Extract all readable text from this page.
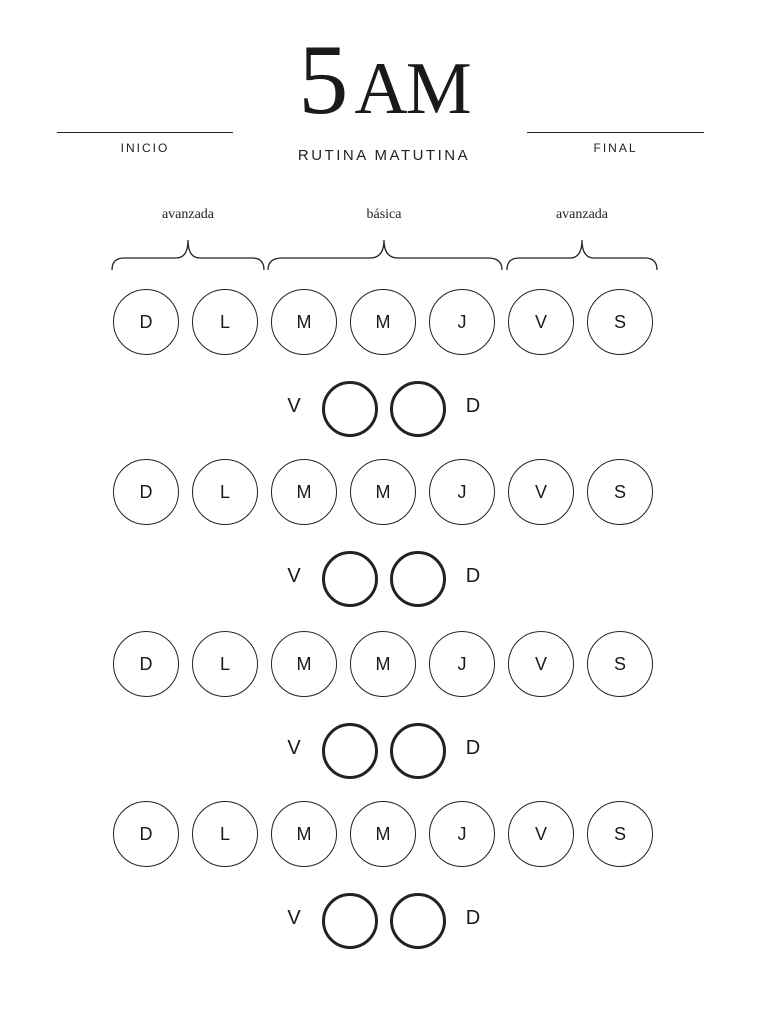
5AM
INICIO	FINAL
RUTINA MATUTINA
avanzada	básica	avanzada
D	L	M	M	J	V	S
V	D
D	L	M	M	J	V	S
V	D
D	L	M	M	J	V	S
V	D
D	L	M	M	J	V	S
V	D
